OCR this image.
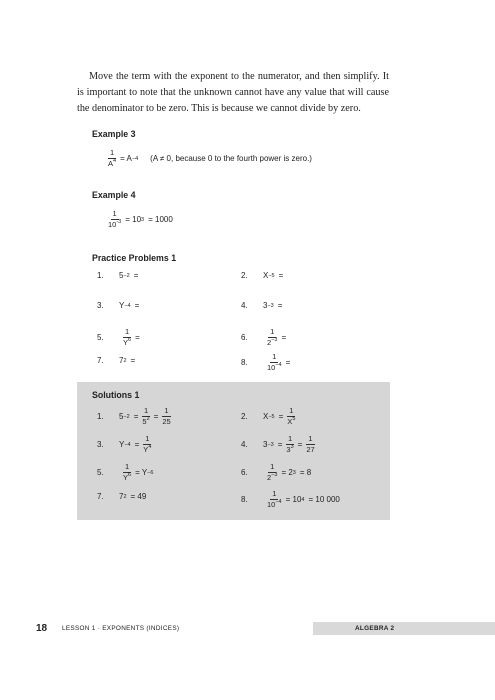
Move the term with the exponent to the numerator, and then simplify. It is important to note that the unknown cannot have any value that will cause the denominator to be zero. This is because we cannot divide by zero.

Example 3
$\frac{1}{A^4} = A -4$ (A ≠ 0, because 0 to the fourth power is zero.)
Example 4
$\frac{1}{10^{-3}} = 10$ 3 = 1000
Practice Problems 1
1.	5 −2 =	2.	X −5 =
3.	Y −4 =	4.	3 −3 =
5.	$\frac{1}{Y^6}$ =	6.	$\frac{1}{2^{-3}}$ =
7.	7 2 =	8.	$\frac{1}{10^{-4}}$ =
Solutions 1
1.	$5 -2 = \frac{1}{5^2} = \frac{1}{25}$	2.	$X -5 = \frac{1}{X^5}$
3.	$Y -4 = \frac{1}{Y^4}$	4.	$3 -3 = \frac{1}{3^3} = \frac{1}{27}$
5.	$\frac{1}{Y^6} = Y -6$	6.	$\frac{1}{2^{-3}} = 2$ 3 = 8
7.	7 2 = 49	8.	$\frac{1}{10^{-4}} = 10$ 4 = 10 000
18 LESSON 1 · EXPONENTS (INDICES)	ALGEBRA 2
